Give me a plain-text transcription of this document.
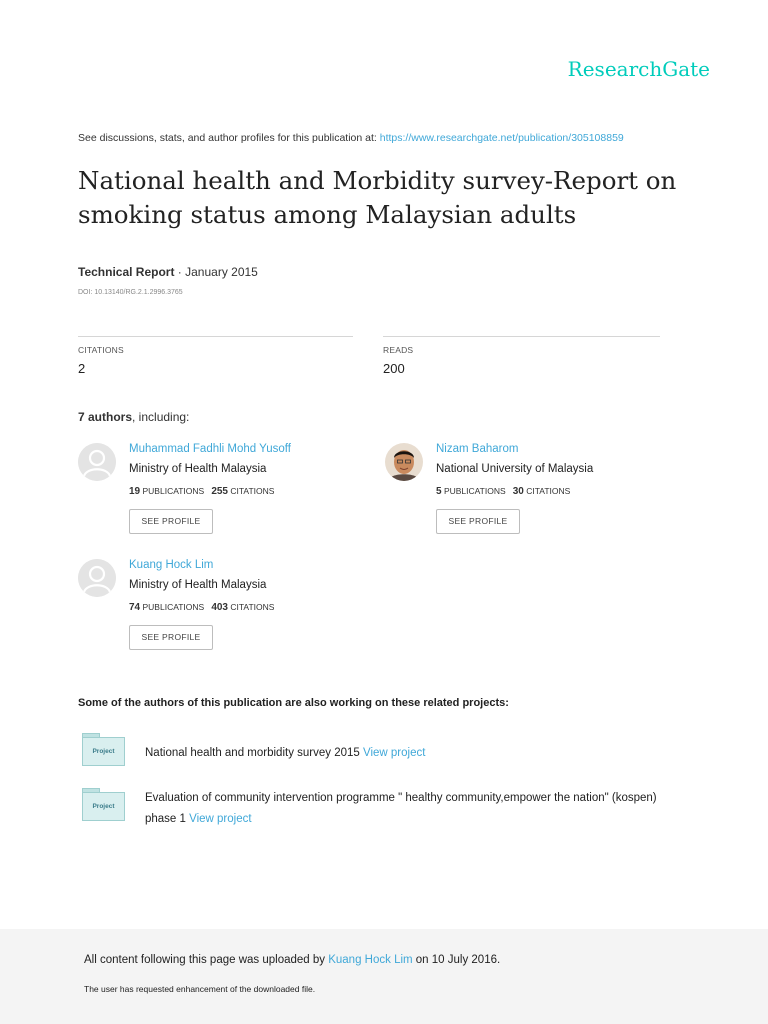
ResearchGate
See discussions, stats, and author profiles for this publication at: https://www.researchgate.net/publication/305108859
National health and Morbidity survey-Report on smoking status among Malaysian adults
Technical Report · January 2015
DOI: 10.13140/RG.2.1.2996.3765
CITATIONS
2
READS
200
7 authors, including:
Muhammad Fadhli Mohd Yusoff
Ministry of Health Malaysia
19 PUBLICATIONS 255 CITATIONS
SEE PROFILE
Nizam Baharom
National University of Malaysia
5 PUBLICATIONS 30 CITATIONS
SEE PROFILE
Kuang Hock Lim
Ministry of Health Malaysia
74 PUBLICATIONS 403 CITATIONS
SEE PROFILE
Some of the authors of this publication are also working on these related projects:
Project	National health and morbidity survey 2015 View project
Project
Evaluation of community intervention programme " healthy community,empower the nation" (kospen) phase 1 View project
All content following this page was uploaded by Kuang Hock Lim on 10 July 2016.
The user has requested enhancement of the downloaded file.
